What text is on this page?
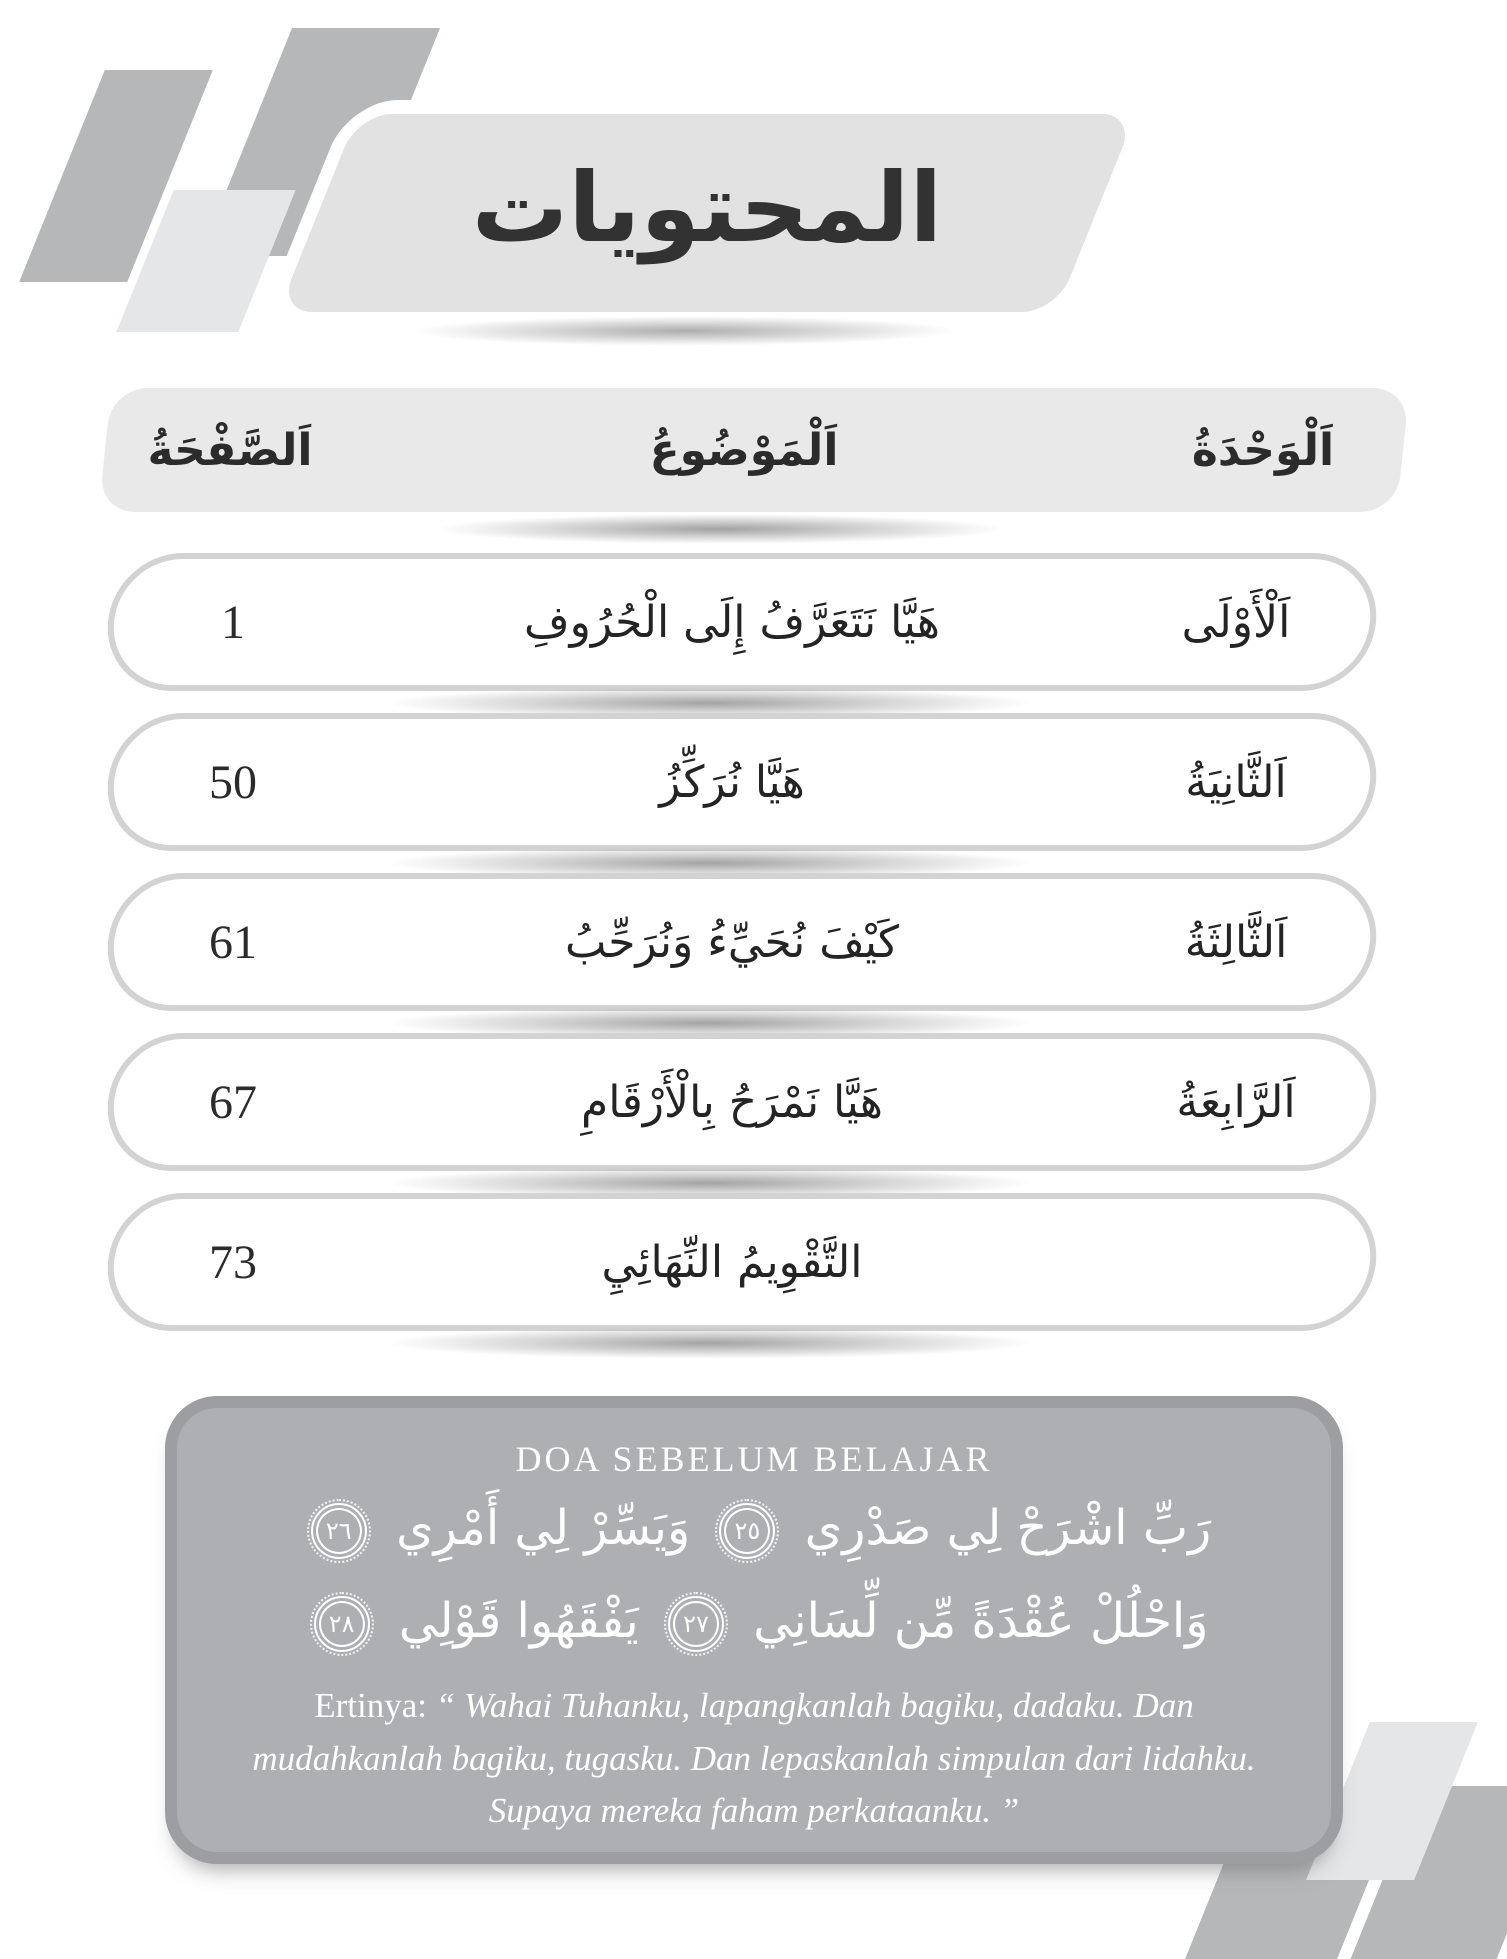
المحتويات
اَلصَّفْحَةُ	اَلْمَوْضُوعُ	اَلْوَحْدَةُ
1	هَيَّا نَتَعَرَّفُ إِلَى الْحُرُوفِ	اَلْأَوْلَى
50	هَيَّا نُرَكِّزُ	اَلثَّانِيَةُ
61	كَيْفَ نُحَيِّءُ وَنُرَحِّبُ	اَلثَّالِثَةُ
67	هَيَّا نَمْرَحُ بِالْأَرْقَامِ	اَلرَّابِعَةُ
73	التَّقْوِيمُ النِّهَائِيِ
DOA SEBELUM BELAJAR
رَبِّ اشْرَحْ لِي صَدْرِي
٢٥
وَيَسِّرْ لِي أَمْرِي
٢٦
وَاحْلُلْ عُقْدَةً مِّن لِّسَانِي
٢٧
يَفْقَهُوا قَوْلِي
٢٨
Ertinya: “ Wahai Tuhanku, lapangkanlah bagiku, dadaku. Dan mudahkanlah bagiku, tugasku. Dan lepaskanlah simpulan dari lidahku. Supaya mereka faham perkataanku. ”
